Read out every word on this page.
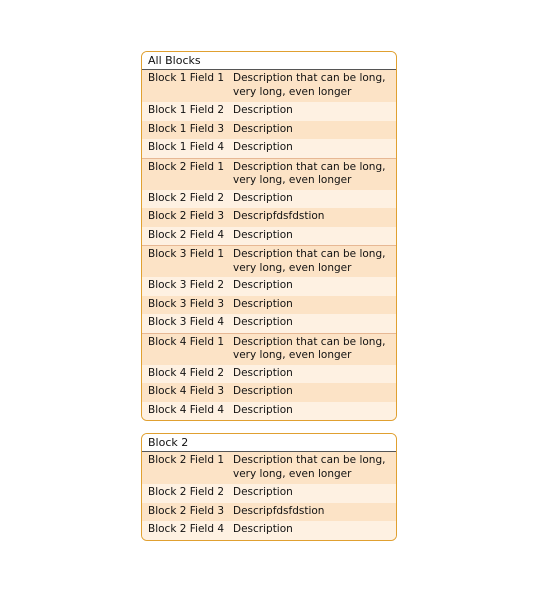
All Blocks
Block 1 Field 1 Description that can be long, very long, even longer
Block 1 Field 2 Description
Block 1 Field 3 Description
Block 1 Field 4 Description
Block 2 Field 1 Description that can be long, very long, even longer
Block 2 Field 2 Description
Block 2 Field 3 Descripfdsfdstion
Block 2 Field 4 Description
Block 3 Field 1 Description that can be long, very long, even longer
Block 3 Field 2 Description
Block 3 Field 3 Description
Block 3 Field 4 Description
Block 4 Field 1 Description that can be long, very long, even longer
Block 4 Field 2 Description
Block 4 Field 3 Description
Block 4 Field 4 Description
Block 2
Block 2 Field 1 Description that can be long, very long, even longer
Block 2 Field 2 Description
Block 2 Field 3 Descripfdsfdstion
Block 2 Field 4 Description
